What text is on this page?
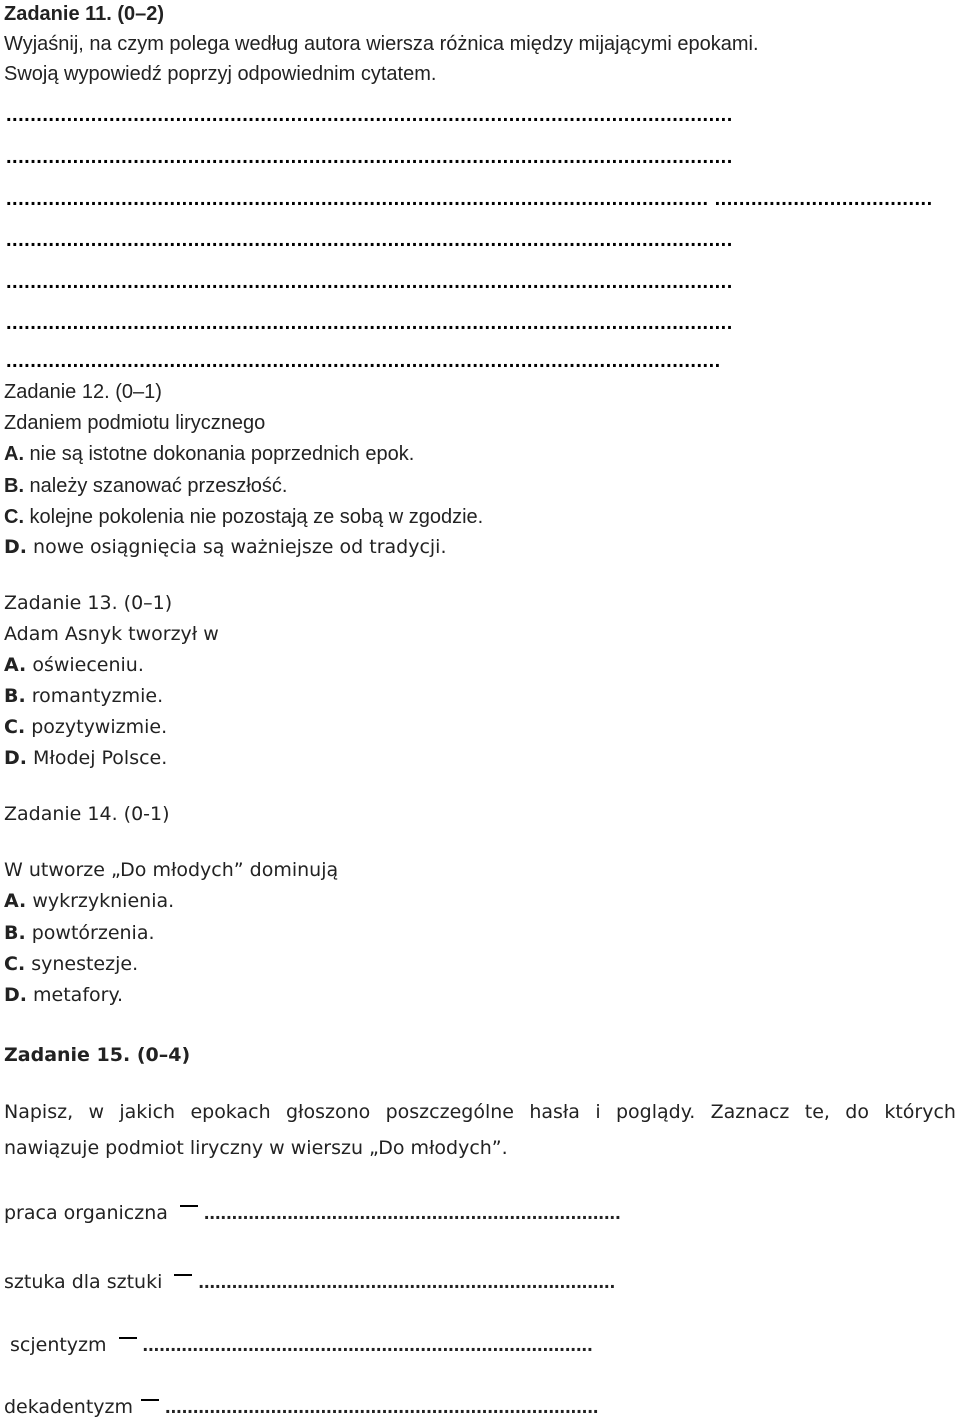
Zadanie 11. (0–2)
Wyjaśnij, na czym polega według autora wiersza różnica między mijającymi epokami.
Swoją wypowiedź poprzyj odpowiednim cytatem.
........................................................................................................................
........................................................................................................................
.................................................................................................................... ....................................
........................................................................................................................
........................................................................................................................
........................................................................................................................
......................................................................................................................
Zadanie 12. (0–1)
Zdaniem podmiotu lirycznego
A. nie są istotne dokonania poprzednich epok.
B. należy szanować przeszłość.
C. kolejne pokolenia nie pozostają ze sobą w zgodzie.
D. nowe osiągnięcia są ważniejsze od tradycji.
Zadanie 13. (0–1)
Adam Asnyk tworzył w
A. oświeceniu.
B. romantyzmie.
C. pozytywizmie.
D. Młodej Polsce.
Zadanie 14. (0-1)
W utworze „Do młodych” dominują
A. wykrzyknienia.
B. powtórzenia.
C. synestezje.
D. metafory.
Zadanie 15. (0–4)
Napisz, w jakich epokach głoszono poszczególne hasła i poglądy. Zaznacz te, do których
nawiązuje podmiot liryczny w wierszu „Do młodych”.
praca organiczna ...........................................................................
sztuka dla sztuki ...........................................................................
scjentyzm .................................................................................
dekadentyzm ..............................................................................
